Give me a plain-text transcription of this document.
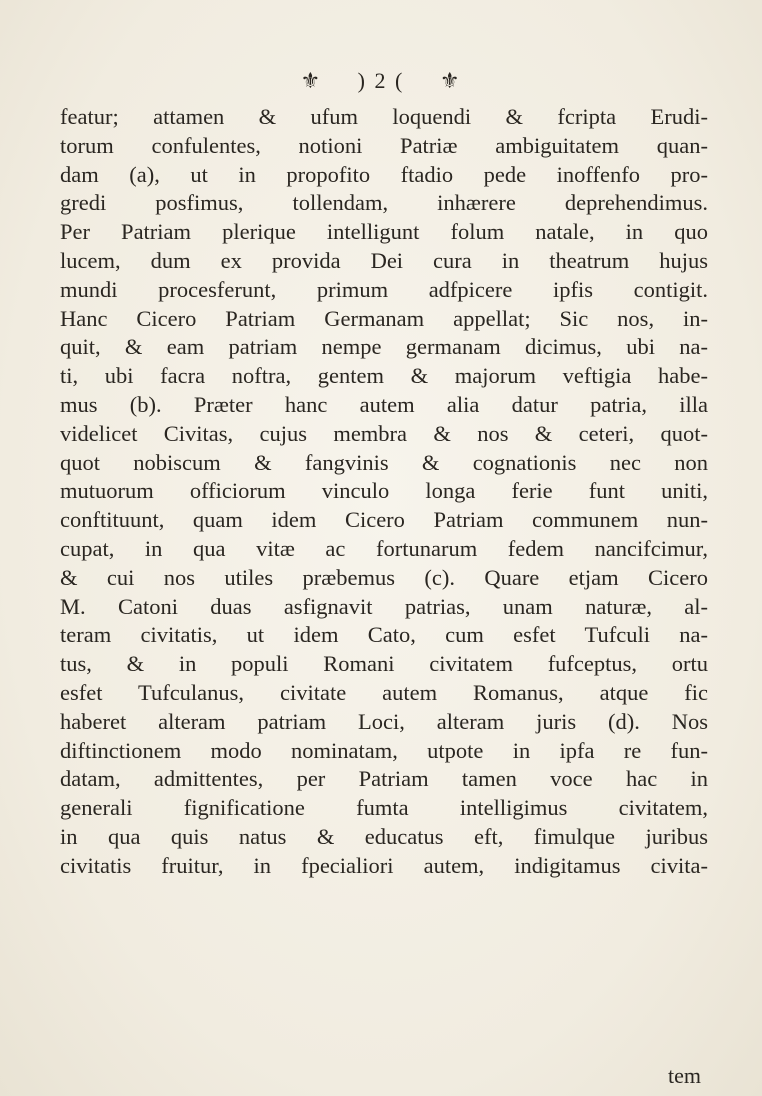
⚜ ) 2 ( ⚜
featur; attamen & ufum loquendi & fcripta Erudi-
torum confulentes, notioni Patriæ ambiguitatem quan-
dam (a), ut in propofito ftadio pede inoffenfo pro-
gredi posfimus, tollendam, inhærere deprehendimus.
Per Patriam plerique intelligunt folum natale, in quo
lucem, dum ex provida Dei cura in theatrum hujus
mundi procesferunt, primum adfpicere ipfis contigit.
Hanc Cicero Patriam Germanam appellat; Sic nos, in-
quit, & eam patriam nempe germanam dicimus, ubi na-
ti, ubi facra noftra, gentem & majorum veftigia habe-
mus (b). Præter hanc autem alia datur patria, illa
videlicet Civitas, cujus membra & nos & ceteri, quot-
quot nobiscum & fangvinis & cognationis nec non
mutuorum officiorum vinculo longa ferie funt uniti,
conftituunt, quam idem Cicero Patriam communem nun-
cupat, in qua vitæ ac fortunarum fedem nancifcimur,
& cui nos utiles præbemus (c). Quare etjam Cicero
M. Catoni duas asfignavit patrias, unam naturæ, al-
teram civitatis, ut idem Cato, cum esfet Tufculi na-
tus, & in populi Romani civitatem fufceptus, ortu
esfet Tufculanus, civitate autem Romanus, atque fic
haberet alteram patriam Loci, alteram juris (d). Nos
diftinctionem modo nominatam, utpote in ipfa re fun-
datam, admittentes, per Patriam tamen voce hac in
generali fignificatione fumta intelligimus civitatem,
in qua quis natus & educatus eft, fimulque juribus
civitatis fruitur, in fpecialiori autem, indigitamus civita-
tem
